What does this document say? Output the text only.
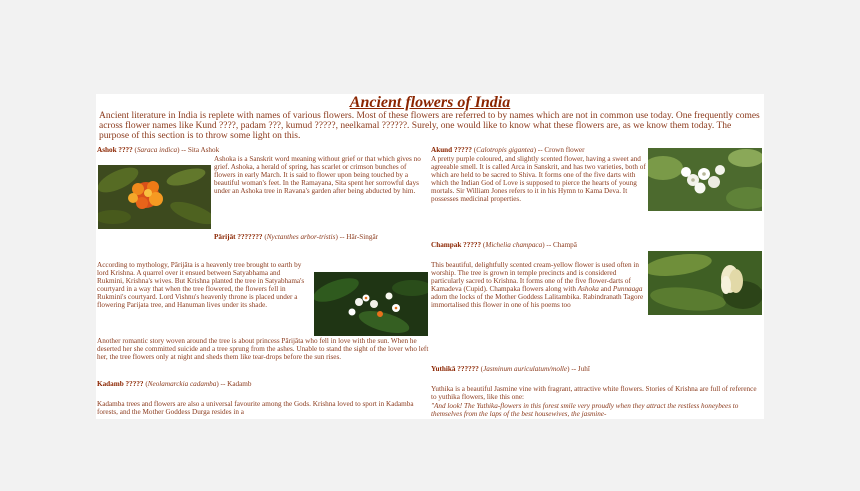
Ancient flowers of India

Ancient literature in India is replete with names of various flowers. Most of these flowers are referred to by names which are not in common use today. One frequently comes across flower names like Kund ????, padam ???, kumud ?????, neelkamal ??????. Surely, one would like to know what these flowers are, as we know them today. The purpose of this section is to throw some light on this.

Ashok ???? (Saraca indica) -- Sita Ashok

Ashoka is a Sanskrit word meaning without grief or that which gives no grief. Ashoka, a herald of spring, has scarlet or crimson bunches of flowers in early March. It is said to flower upon being touched by a beautiful woman's feet. In the Ramayana, Sita spent her sorrowful days under an Ashoka tree in Ravana's garden after being abducted by him.

Pārijāt ??????? (Nyctanthes arbor-tristis) -- Hār-Singār

According to mythology, Pārijāta is a heavenly tree brought to earth by lord Krishna. A quarrel over it ensued between Satyabhama and Rukmini, Krishna's wives. But Krishna planted the tree in Satyabhama's courtyard in a way that when the tree flowered, the flowers fell in Rukmini's courtyard. Lord Vishnu's heavenly throne is placed under a flowering Parijata tree, and Hanuman lives under its shade.

Another romantic story woven around the tree is about princess Pārijāta who fell in love with the sun. When he deserted her she committed suicide and a tree sprung from the ashes. Unable to stand the sight of the lover who left her, the tree flowers only at night and sheds them like tear-drops before the sun rises.

Kadamb ????? (Neolamarckia cadamba) -- Kadamb

Kadamba trees and flowers are also a universal favourite among the Gods. Krishna loved to sport in Kadamba forests, and the Mother Goddess Durga resides in a

Akund ????? (Calotropis gigantea) -- Crown flower

A pretty purple coloured, and slightly scented flower, having a sweet and agreeable smell. It is called Arca in Sanskrit, and has two varieties, both of which are held to be sacred to Shiva. It forms one of the five darts with which the Indian God of Love is supposed to pierce the hearts of young mortals. Sir William Jones refers to it in his Hymn to Kama Deva. It possesses medicinal properties.

Champak ????? (Michelia champaca) -- Champā

This beautiful, delightfully scented cream-yellow flower is used often in worship. The tree is grown in temple precincts and is considered particularly sacred to Krishna. It forms one of the five flower-darts of Kamadeva (Cupid). Champaka flowers along with Ashoka and Punnaaga adorn the locks of the Mother Goddess Lalitambika. Rabindranath Tagore immortalised this flower in one of his poems too

Yuthikā ?????? (Jasminum auriculatum/molle) -- Juhī

Yuthika is a beautiful Jasmine vine with fragrant, attractive white flowers. Stories of Krishna are full of reference to yuthika flowers, like this one:

"And look! The Yuthika-flowers in this forest smile very proudly when they attract the restless honeybees to themselves from the laps of the best housewives, the jasmine-
